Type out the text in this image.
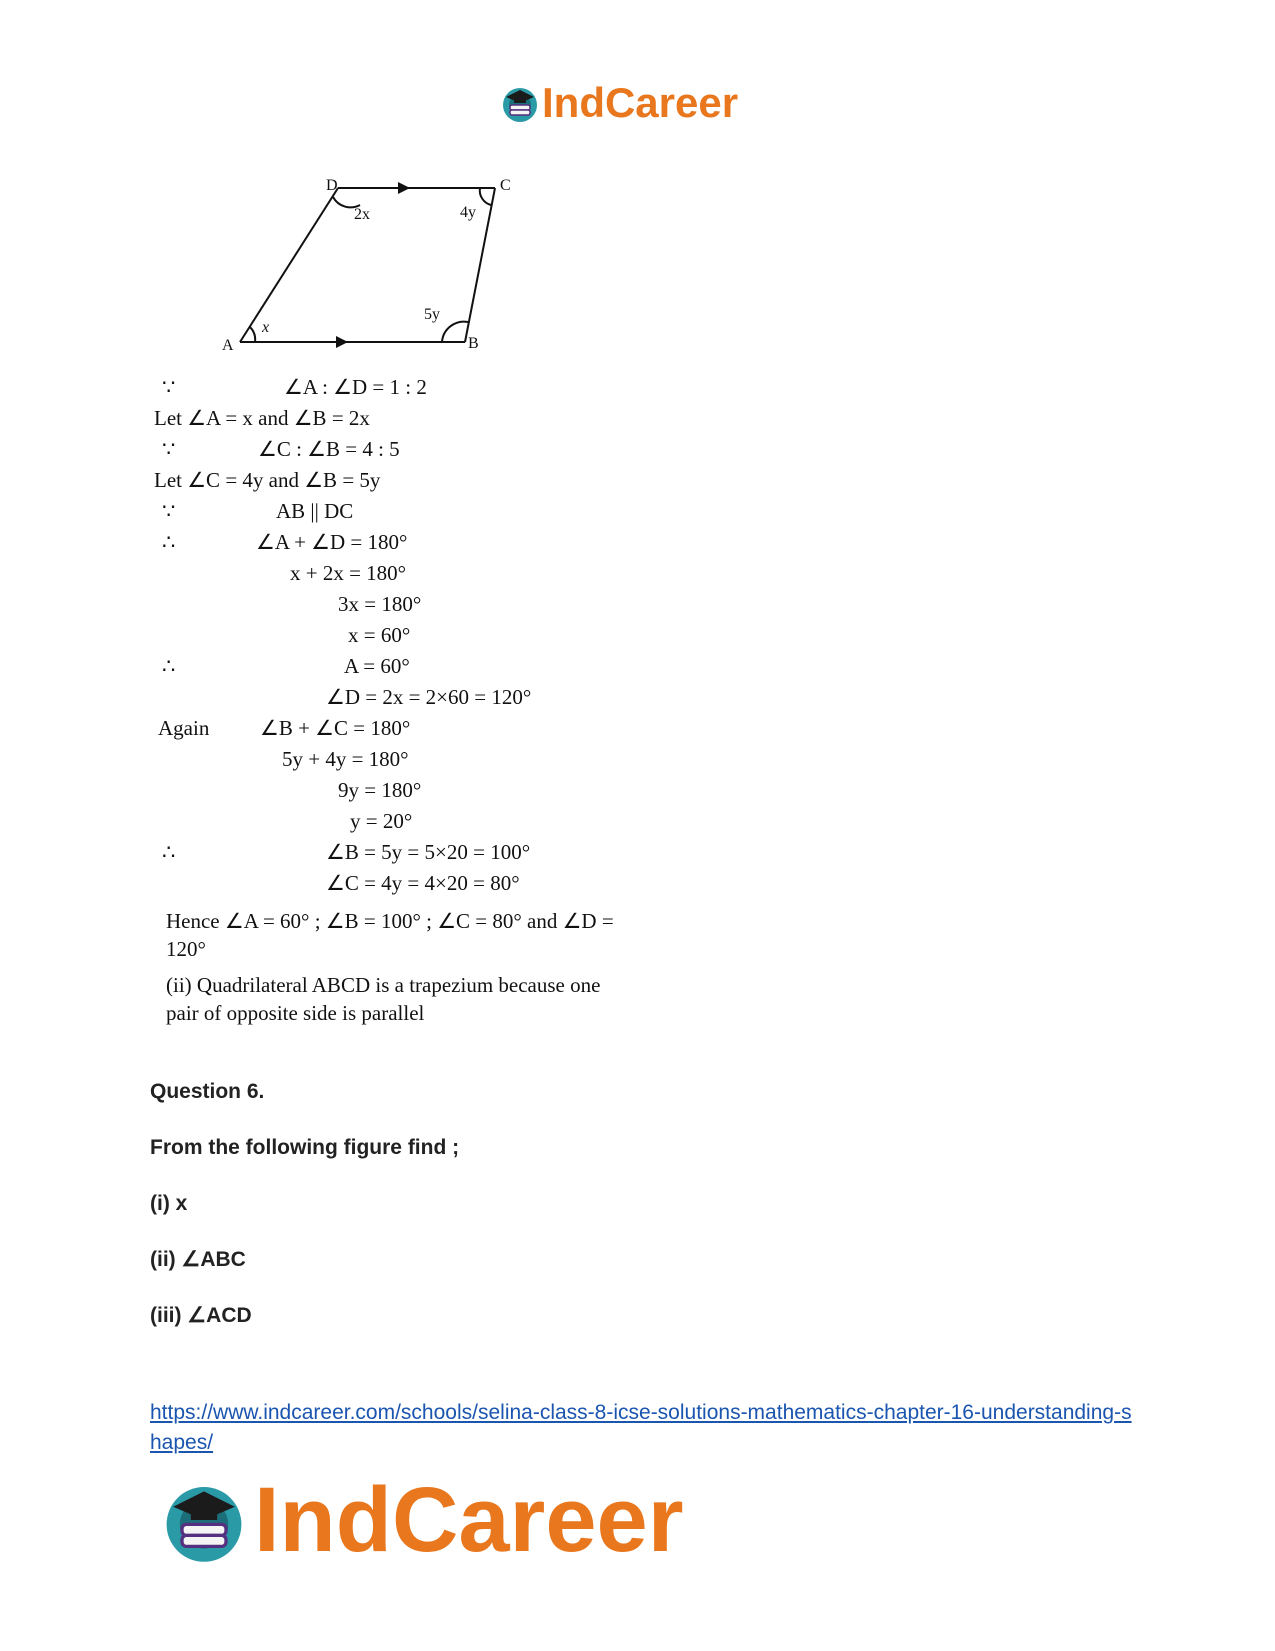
IndCareer
A	B
C
D
x
5y
4y
2x
∵	∠A : ∠D = 1 : 2
Let ∠A = x and ∠B = 2x
∵	∠C : ∠B = 4 : 5
Let ∠C = 4y and ∠B = 5y
∵	AB || DC
∴	∠A + ∠D = 180°
x + 2x = 180°
3x = 180°
x = 60°
∴	A = 60°
∠D = 2x = 2×60 = 120°
Again ∠B + ∠C = 180°
5y + 4y = 180°
9y = 180°
y = 20°
∴	∠B = 5y = 5×20 = 100°
∠C = 4y = 4×20 = 80°
Hence ∠A = 60° ; ∠B = 100° ; ∠C = 80° and ∠D = 120°
(ii) Quadrilateral ABCD is a trapezium because one pair of opposite side is parallel
Question 6.
From the following figure find ;
(i) x
(ii) ∠ABC
(iii) ∠ACD
https://www.indcareer.com/schools/selina-class-8-icse-solutions-mathematics-chapter-16-understanding-shapes/
IndCareer
